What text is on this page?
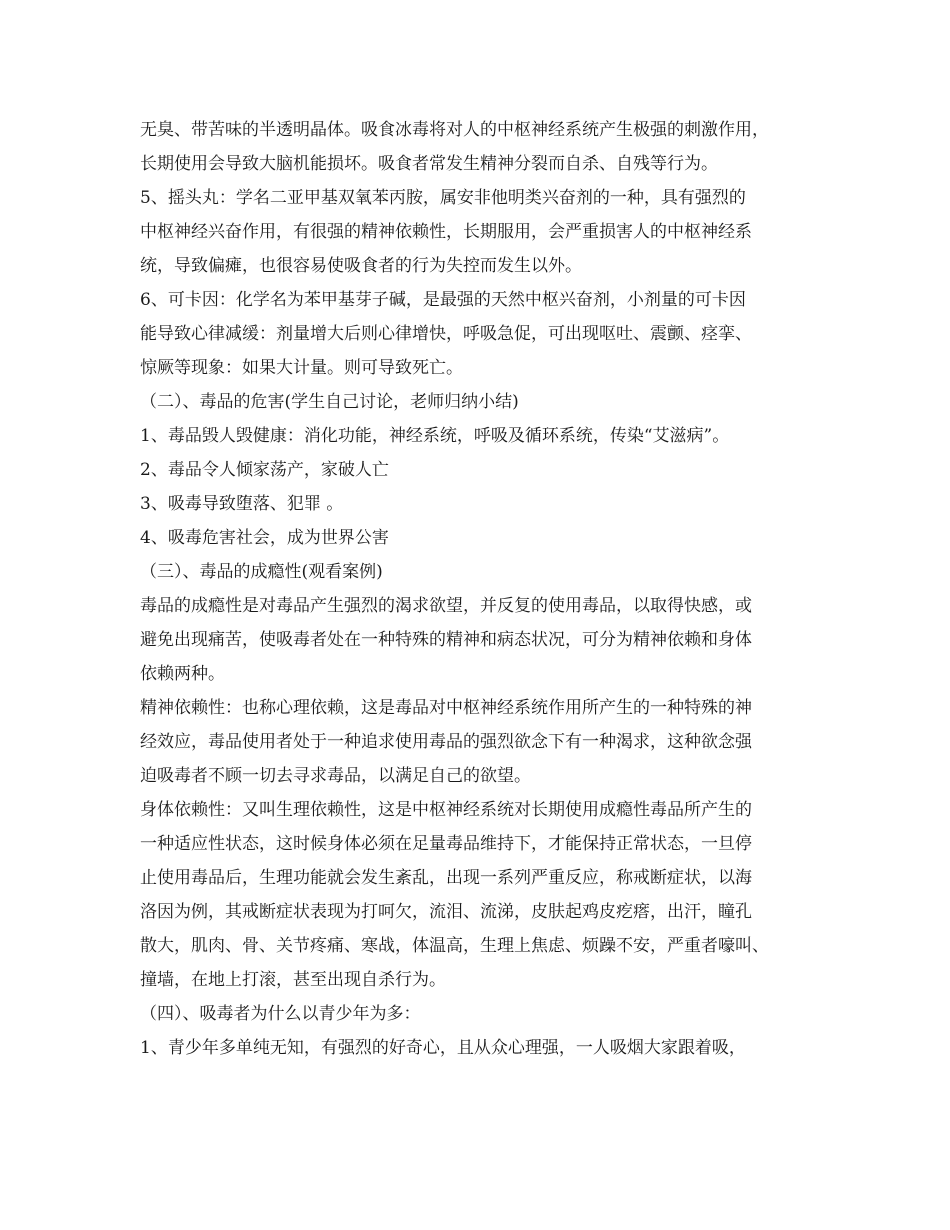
无臭、带苦味的半透明晶体。吸食冰毒将对人的中枢神经系统产生极强的刺激作用，
长期使用会导致大脑机能损坏。吸食者常发生精神分裂而自杀、自残等行为。
5、摇头丸：学名二亚甲基双氧苯丙胺，属安非他明类兴奋剂的一种，具有强烈的
中枢神经兴奋作用，有很强的精神依赖性，长期服用，会严重损害人的中枢神经系
统，导致偏瘫，也很容易使吸食者的行为失控而发生以外。
6、可卡因：化学名为苯甲基芽子碱，是最强的天然中枢兴奋剂，小剂量的可卡因
能导致心律减缓：剂量增大后则心律增快，呼吸急促，可出现呕吐、震颤、痉挛、
惊厥等现象：如果大计量。则可导致死亡。
（二）、毒品的危害(学生自己讨论，老师归纳小结)
1、毒品毁人毁健康：消化功能，神经系统，呼吸及循环系统，传染“艾滋病”。
2、毒品令人倾家荡产，家破人亡
3、吸毒导致堕落、犯罪 。
4、吸毒危害社会，成为世界公害
（三）、毒品的成瘾性(观看案例)
毒品的成瘾性是对毒品产生强烈的渴求欲望，并反复的使用毒品，以取得快感，或
避免出现痛苦，使吸毒者处在一种特殊的精神和病态状况，可分为精神依赖和身体
依赖两种。
精神依赖性：也称心理依赖，这是毒品对中枢神经系统作用所产生的一种特殊的神
经效应，毒品使用者处于一种追求使用毒品的强烈欲念下有一种渴求，这种欲念强
迫吸毒者不顾一切去寻求毒品，以满足自己的欲望。
身体依赖性：又叫生理依赖性，这是中枢神经系统对长期使用成瘾性毒品所产生的
一种适应性状态，这时候身体必须在足量毒品维持下，才能保持正常状态，一旦停
止使用毒品后，生理功能就会发生紊乱，出现一系列严重反应，称戒断症状，以海
洛因为例，其戒断症状表现为打呵欠，流泪、流涕，皮肤起鸡皮疙瘩，出汗，瞳孔
散大，肌肉、骨、关节疼痛、寒战，体温高，生理上焦虑、烦躁不安，严重者嚎叫、
撞墙，在地上打滚，甚至出现自杀行为。
（四）、吸毒者为什么以青少年为多：
1、青少年多单纯无知，有强烈的好奇心，且从众心理强，一人吸烟大家跟着吸，
